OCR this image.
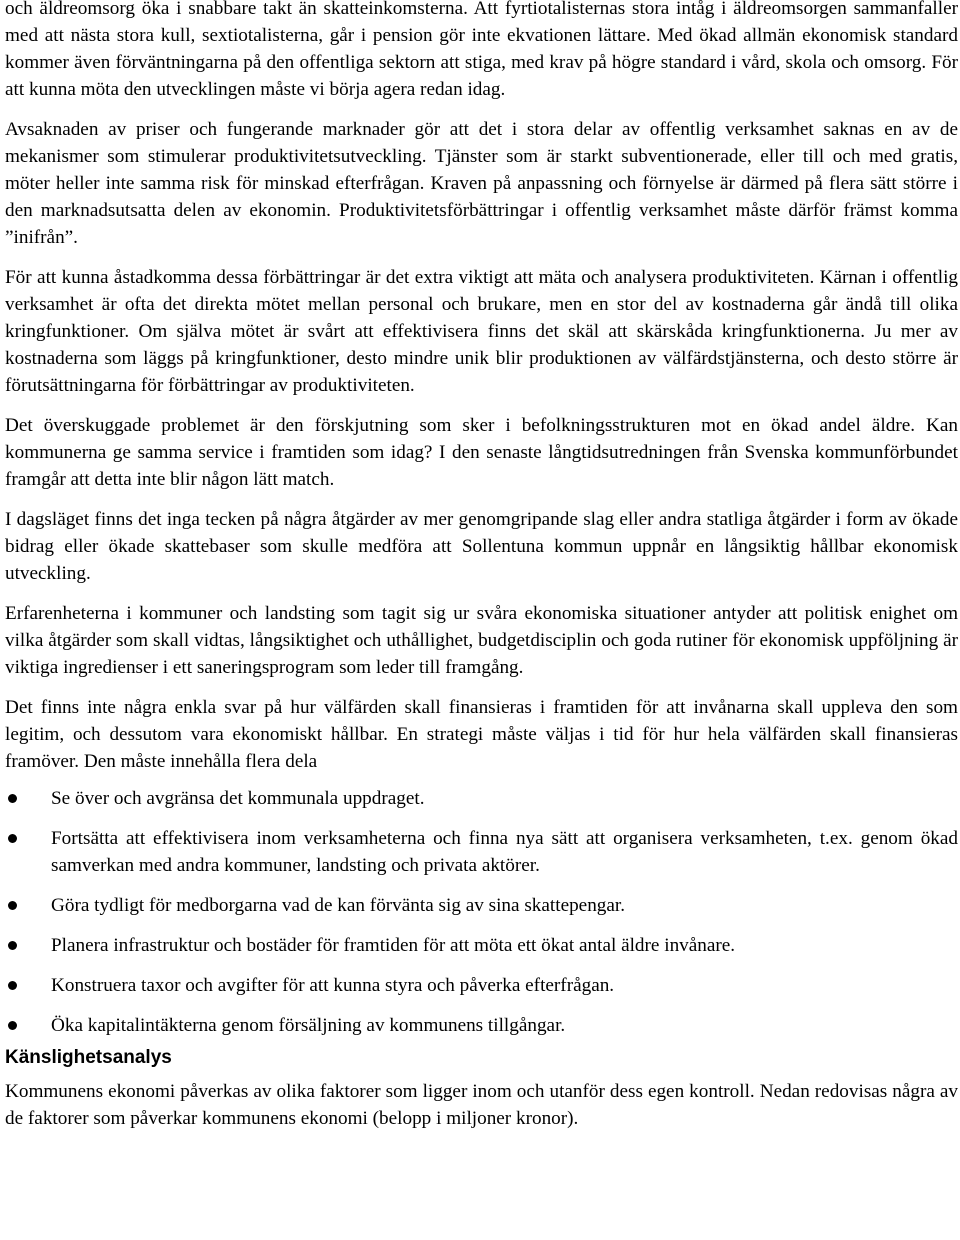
och äldreomsorg öka i snabbare takt än skatteinkomsterna. Att fyrtiotalisternas stora intåg i äldreomsorgen sammanfaller med att nästa stora kull, sextiotalisterna, går i pension gör inte ekvationen lättare. Med ökad allmän ekonomisk standard kommer även förväntningarna på den offentliga sektorn att stiga, med krav på högre standard i vård, skola och omsorg. För att kunna möta den utvecklingen måste vi börja agera redan idag.

Avsaknaden av priser och fungerande marknader gör att det i stora delar av offentlig verksamhet saknas en av de mekanismer som stimulerar produktivitetsutveckling. Tjänster som är starkt subventionerade, eller till och med gratis, möter heller inte samma risk för minskad efterfrågan. Kraven på anpassning och förnyelse är därmed på flera sätt större i den marknadsutsatta delen av ekonomin. Produktivitetsförbättringar i offentlig verksamhet måste därför främst komma ”inifrån”.

För att kunna åstadkomma dessa förbättringar är det extra viktigt att mäta och analysera produktiviteten. Kärnan i offentlig verksamhet är ofta det direkta mötet mellan personal och brukare, men en stor del av kostnaderna går ändå till olika kringfunktioner. Om själva mötet är svårt att effektivisera finns det skäl att skärskåda kringfunktionerna. Ju mer av kostnaderna som läggs på kringfunktioner, desto mindre unik blir produktionen av välfärdstjänsterna, och desto större är förutsättningarna för förbättringar av produktiviteten.

Det överskuggade problemet är den förskjutning som sker i befolkningsstrukturen mot en ökad andel äldre. Kan kommunerna ge samma service i framtiden som idag? I den senaste långtidsutredningen från Svenska kommunförbundet framgår att detta inte blir någon lätt match.

I dagsläget finns det inga tecken på några åtgärder av mer genomgripande slag eller andra statliga åtgärder i form av ökade bidrag eller ökade skattebaser som skulle medföra att Sollentuna kommun uppnår en långsiktig hållbar ekonomisk utveckling.

Erfarenheterna i kommuner och landsting som tagit sig ur svåra ekonomiska situationer antyder att politisk enighet om vilka åtgärder som skall vidtas, långsiktighet och uthållighet, budgetdisciplin och goda rutiner för ekonomisk uppföljning är viktiga ingredienser i ett saneringsprogram som leder till framgång.

Det finns inte några enkla svar på hur välfärden skall finansieras i framtiden för att invånarna skall uppleva den som legitim, och dessutom vara ekonomiskt hållbar. En strategi måste väljas i tid för hur hela välfärden skall finansieras framöver. Den måste innehålla flera dela

Se över och avgränsa det kommunala uppdraget.
Fortsätta att effektivisera inom verksamheterna och finna nya sätt att organisera verksamheten, t.ex. genom ökad samverkan med andra kommuner, landsting och privata aktörer.
Göra tydligt för medborgarna vad de kan förvänta sig av sina skattepengar.
Planera infrastruktur och bostäder för framtiden för att möta ett ökat antal äldre invånare.
Konstruera taxor och avgifter för att kunna styra och påverka efterfrågan.
Öka kapitalintäkterna genom försäljning av kommunens tillgångar.
Känslighetsanalys

Kommunens ekonomi påverkas av olika faktorer som ligger inom och utanför dess egen kontroll. Nedan redovisas några av de faktorer som påverkar kommunens ekonomi (belopp i miljoner kronor).
